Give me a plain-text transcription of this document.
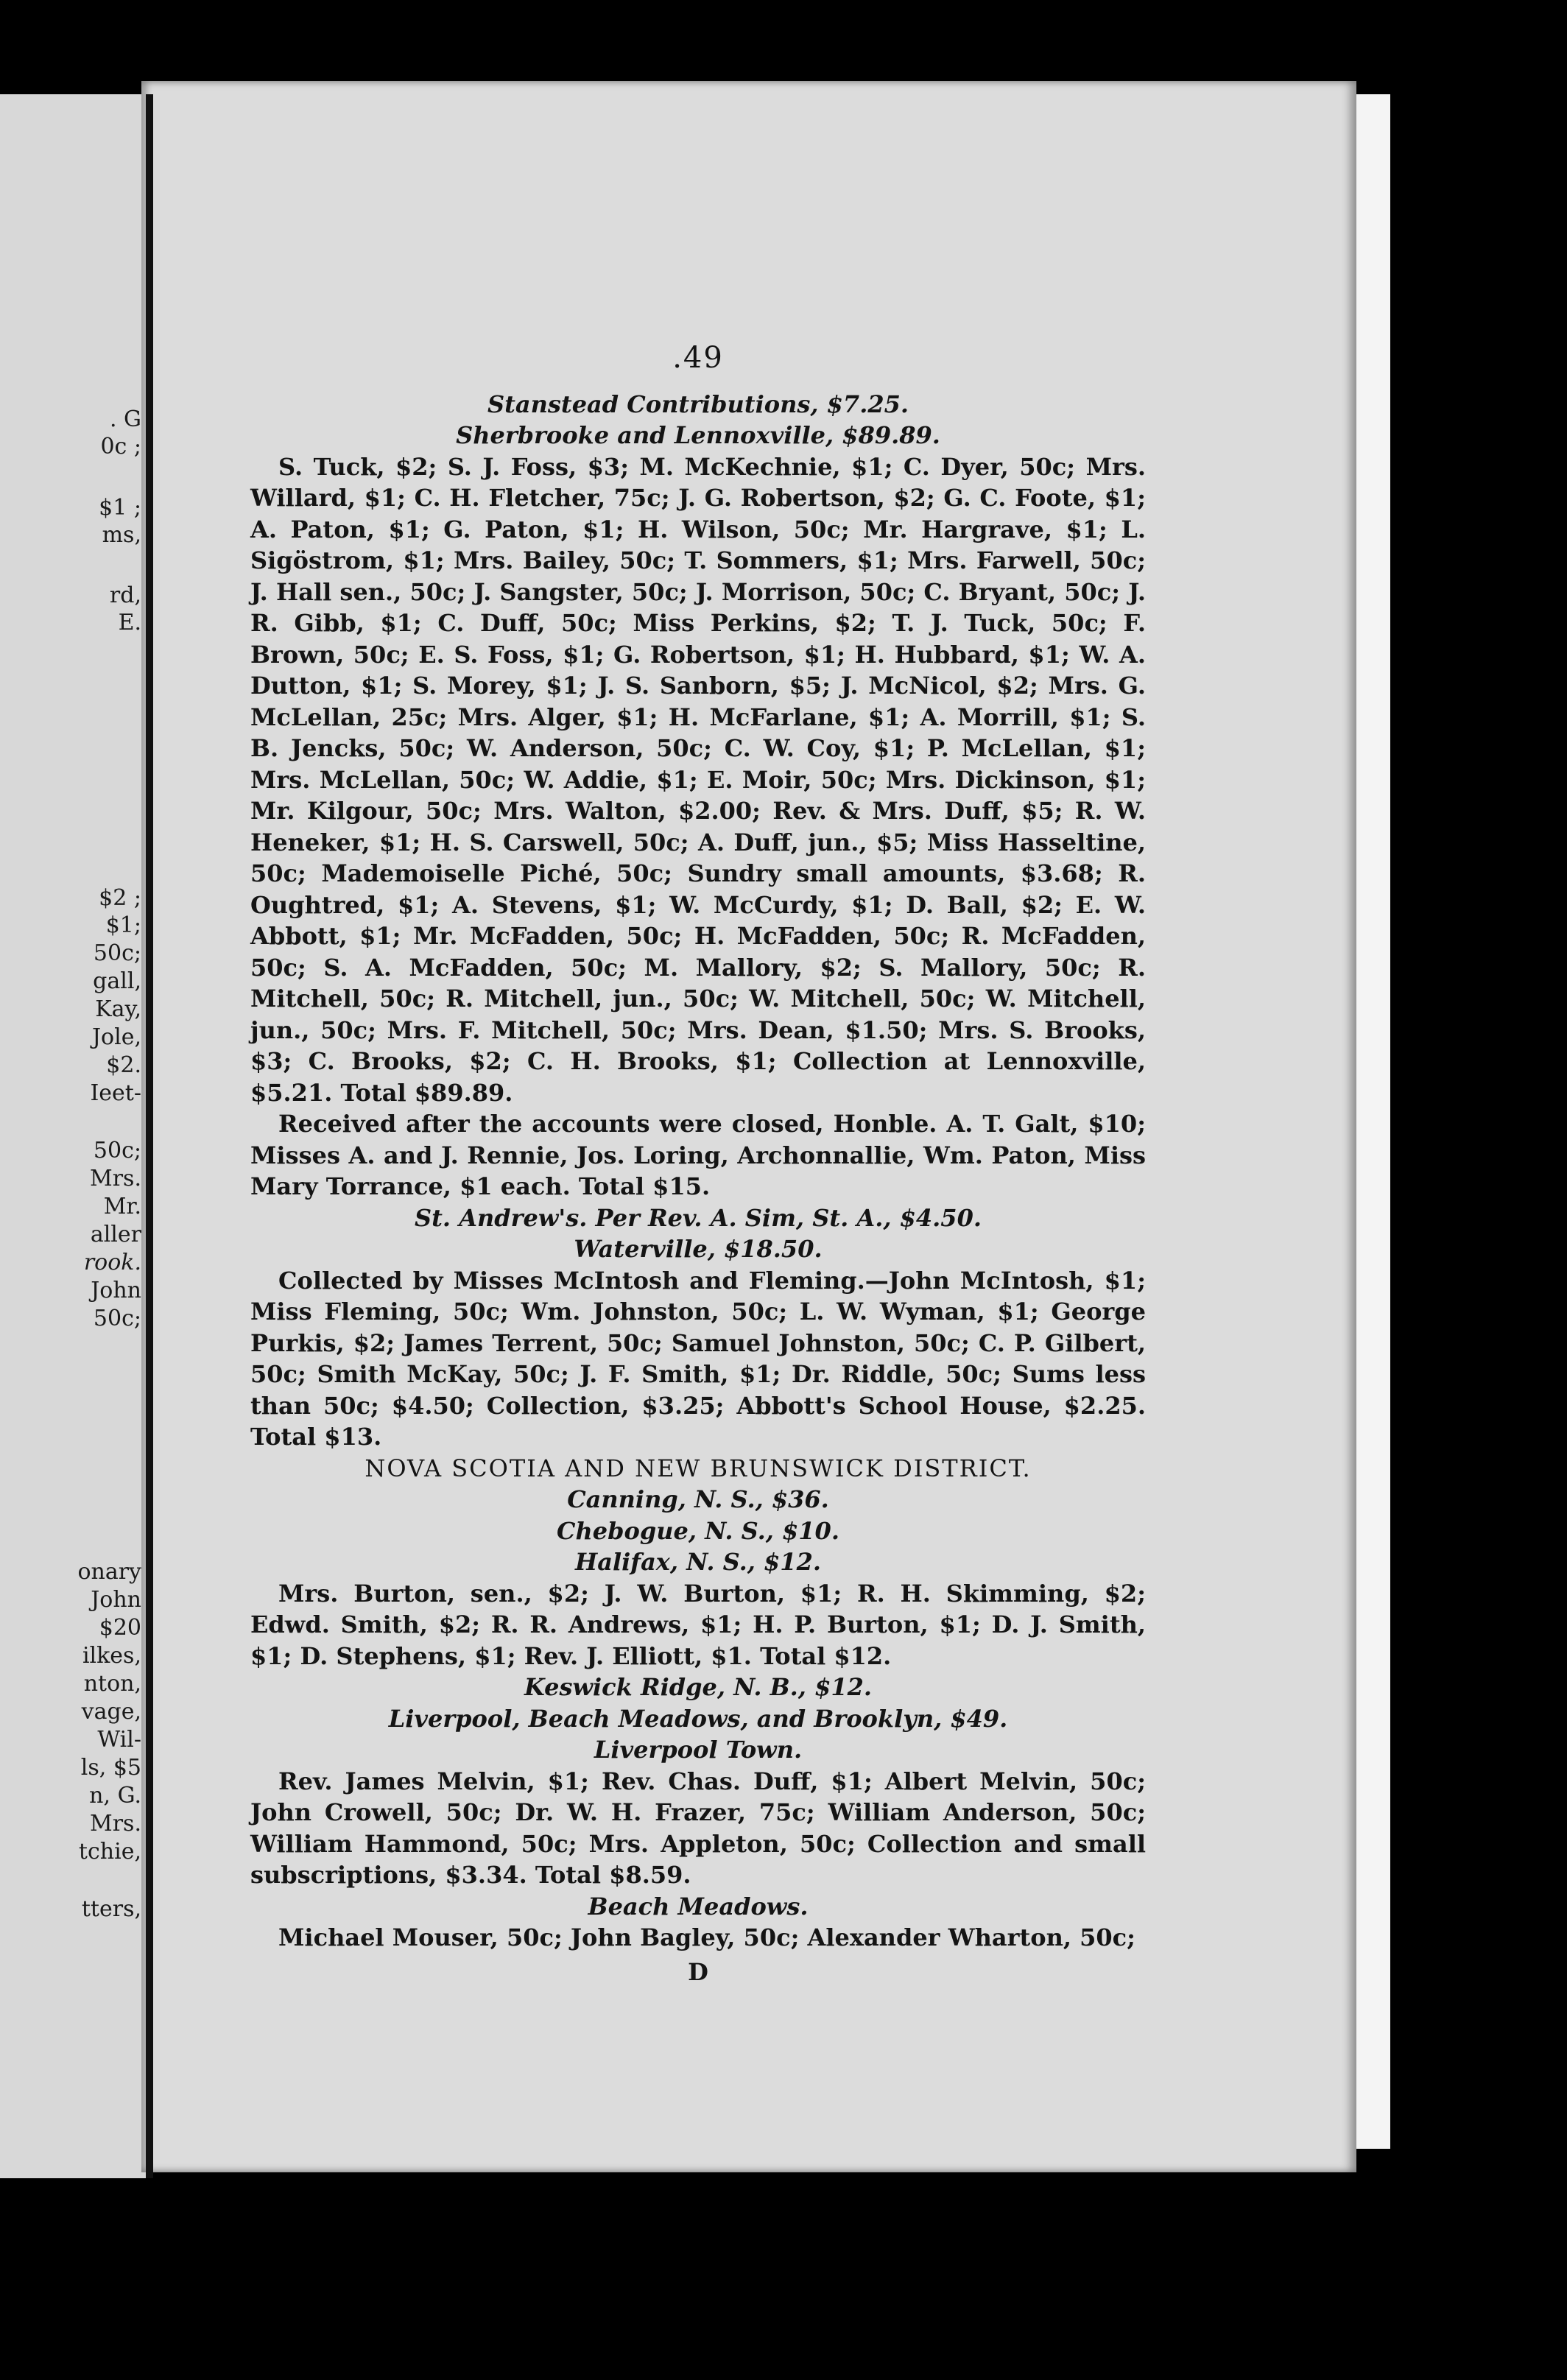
. G
0c ;
$1 ;
ms,
rd,
E.
$2 ;
$1;
50c;
gall,
Kay,
Jole,
$2.
Ieet-
50c;
Mrs.
Mr.
aller
rook.
John
50c;
onary
John
$20
ilkes,
nton,
vage,
Wil-
ls, $5
n, G.
Mrs.
tchie,
tters,
.49
Stanstead Contributions, $7.25.
Sherbrooke and Lennoxville, $89.89.
S. Tuck, $2; S. J. Foss, $3; M. McKechnie, $1; C. Dyer, 50c; Mrs. Willard, $1; C. H. Fletcher, 75c; J. G. Robertson, $2; G. C. Foote, $1; A. Paton, $1; G. Paton, $1; H. Wilson, 50c; Mr. Hargrave, $1; L. Sigöstrom, $1; Mrs. Bailey, 50c; T. Sommers, $1; Mrs. Farwell, 50c; J. Hall sen., 50c; J. Sangster, 50c; J. Morrison, 50c; C. Bryant, 50c; J. R. Gibb, $1; C. Duff, 50c; Miss Perkins, $2; T. J. Tuck, 50c; F. Brown, 50c; E. S. Foss, $1; G. Robertson, $1; H. Hubbard, $1; W. A. Dutton, $1; S. Morey, $1; J. S. Sanborn, $5; J. McNicol, $2; Mrs. G. McLellan, 25c; Mrs. Alger, $1; H. McFarlane, $1; A. Morrill, $1; S. B. Jencks, 50c; W. Anderson, 50c; C. W. Coy, $1; P. McLellan, $1; Mrs. McLellan, 50c; W. Addie, $1; E. Moir, 50c; Mrs. Dickinson, $1; Mr. Kilgour, 50c; Mrs. Walton, $2.00; Rev. & Mrs. Duff, $5; R. W. Heneker, $1; H. S. Carswell, 50c; A. Duff, jun., $5; Miss Hasseltine, 50c; Mademoiselle Piché, 50c; Sundry small amounts, $3.68; R. Oughtred, $1; A. Stevens, $1; W. McCurdy, $1; D. Ball, $2; E. W. Abbott, $1; Mr. McFadden, 50c; H. McFadden, 50c; R. McFadden, 50c; S. A. McFadden, 50c; M. Mallory, $2; S. Mallory, 50c; R. Mitchell, 50c; R. Mitchell, jun., 50c; W. Mitchell, 50c; W. Mitchell, jun., 50c; Mrs. F. Mitchell, 50c; Mrs. Dean, $1.50; Mrs. S. Brooks, $3; C. Brooks, $2; C. H. Brooks, $1; Collection at Lennoxville, $5.21. Total $89.89.
Received after the accounts were closed, Honble. A. T. Galt, $10; Misses A. and J. Rennie, Jos. Loring, Archonnallie, Wm. Paton, Miss Mary Torrance, $1 each. Total $15.
St. Andrew's. Per Rev. A. Sim, St. A., $4.50.
Waterville, $18.50.
Collected by Misses McIntosh and Fleming.—John McIntosh, $1; Miss Fleming, 50c; Wm. Johnston, 50c; L. W. Wyman, $1; George Purkis, $2; James Terrent, 50c; Samuel Johnston, 50c; C. P. Gilbert, 50c; Smith McKay, 50c; J. F. Smith, $1; Dr. Riddle, 50c; Sums less than 50c; $4.50; Collection, $3.25; Abbott's School House, $2.25. Total $13.
NOVA SCOTIA AND NEW BRUNSWICK DISTRICT.
Canning, N. S., $36.
Chebogue, N. S., $10.
Halifax, N. S., $12.
Mrs. Burton, sen., $2; J. W. Burton, $1; R. H. Skimming, $2; Edwd. Smith, $2; R. R. Andrews, $1; H. P. Burton, $1; D. J. Smith, $1; D. Stephens, $1; Rev. J. Elliott, $1. Total $12.
Keswick Ridge, N. B., $12.
Liverpool, Beach Meadows, and Brooklyn, $49.
Liverpool Town.
Rev. James Melvin, $1; Rev. Chas. Duff, $1; Albert Melvin, 50c; John Crowell, 50c; Dr. W. H. Frazer, 75c; William Anderson, 50c; William Hammond, 50c; Mrs. Appleton, 50c; Collection and small subscriptions, $3.34. Total $8.59.
Beach Meadows.
Michael Mouser, 50c; John Bagley, 50c; Alexander Wharton, 50c;
D
